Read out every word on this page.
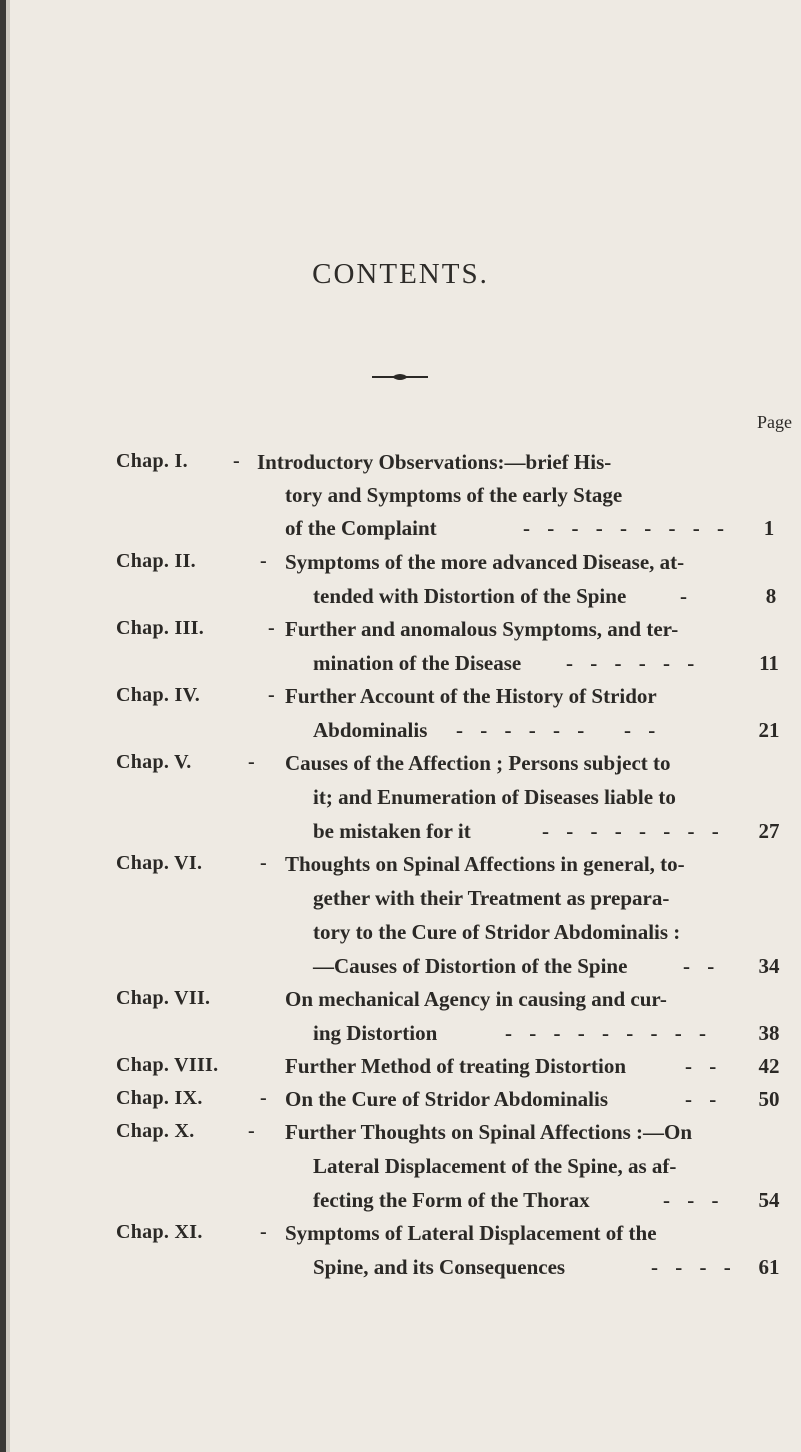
CONTENTS.
Page
Chap. I. - Introductory Observations:—brief His-
tory and Symptoms of the early Stage
of the Complaint	- - - - - - - - -	1
Chap. II.	- Symptoms of the more advanced Disease, at-
tended with Distortion of the Spine	-	8
Chap. III.	- Further and anomalous Symptoms, and ter-
mination of the Disease - - - - - -	11
Chap. IV.	- Further Account of the History of Stridor
Abdominalis - - - - - -   - -	21
Chap. V.	- Causes of the Affection ; Persons subject to
it; and Enumeration of Diseases liable to
be mistaken for it	- - - - - - - -	27
Chap. VI.	- Thoughts on Spinal Affections in general, to-
gether with their Treatment as prepara-
tory to the Cure of Stridor Abdominalis :
—Causes of Distortion of the Spine	- -	34
Chap. VII.	On mechanical Agency in causing and cur-
ing Distortion	- - - - - - - - -	38
Chap. VIII.	Further Method of treating Distortion	- -	42
Chap. IX.	- On the Cure of Stridor Abdominalis	- -	50
Chap. X.	- Further Thoughts on Spinal Affections :—On
Lateral Displacement of the Spine, as af-
fecting the Form of the Thorax	- - -	54
Chap. XI.	- Symptoms of Lateral Displacement of the
Spine, and its Consequences	- - - -	61
